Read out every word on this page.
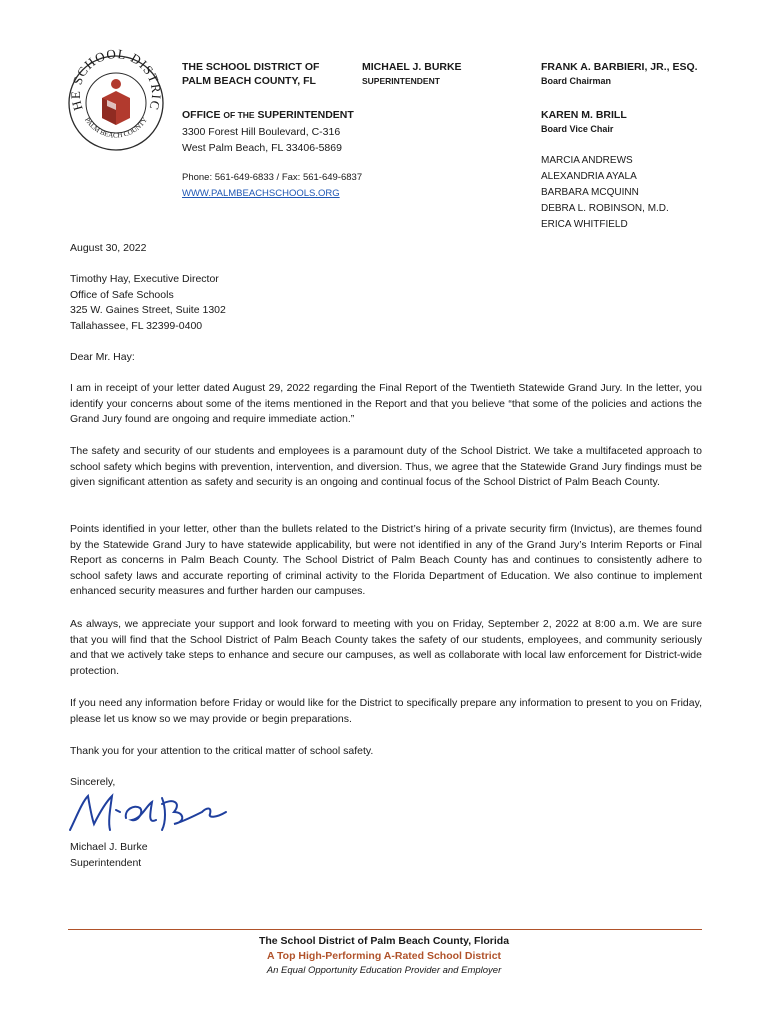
HE SCHOOL DISTRIC
PALM BEACH COUNTY
THE SCHOOL DISTRICT OF
PALM BEACH COUNTY, FL
OFFICE OF THE SUPERINTENDENT
3300 Forest Hill Boulevard, C-316
West Palm Beach, FL 33406-5869
Phone: 561-649-6833 / Fax: 561-649-6837
WWW.PALMBEACHSCHOOLS.ORG
MICHAEL J. BURKE
SUPERINTENDENT
FRANK A. BARBIERI, JR., ESQ.
Board Chairman
KAREN M. BRILL
Board Vice Chair
MARCIA ANDREWS
ALEXANDRIA AYALA
BARBARA MCQUINN
DEBRA L. ROBINSON, M.D.
ERICA WHITFIELD
August 30, 2022
Timothy Hay, Executive Director
Office of Safe Schools
325 W. Gaines Street, Suite 1302
Tallahassee, FL 32399-0400
Dear Mr. Hay:
I am in receipt of your letter dated August 29, 2022 regarding the Final Report of the Twentieth Statewide Grand Jury. In the letter, you identify your concerns about some of the items mentioned in the Report and that you believe “that some of the policies and actions the Grand Jury found are ongoing and require immediate action.”
The safety and security of our students and employees is a paramount duty of the School District. We take a multifaceted approach to school safety which begins with prevention, intervention, and diversion. Thus, we agree that the Statewide Grand Jury findings must be given significant attention as safety and security is an ongoing and continual focus of the School District of Palm Beach County.
Points identified in your letter, other than the bullets related to the District’s hiring of a private security firm (Invictus), are themes found by the Statewide Grand Jury to have statewide applicability, but were not identified in any of the Grand Jury’s Interim Reports or Final Report as concerns in Palm Beach County. The School District of Palm Beach County has and continues to consistently adhere to school safety laws and accurate reporting of criminal activity to the Florida Department of Education. We also continue to implement enhanced security measures and further harden our campuses.
As always, we appreciate your support and look forward to meeting with you on Friday, September 2, 2022 at 8:00 a.m. We are sure that you will find that the School District of Palm Beach County takes the safety of our students, employees, and community seriously and that we actively take steps to enhance and secure our campuses, as well as collaborate with local law enforcement for District-wide protection.
If you need any information before Friday or would like for the District to specifically prepare any information to present to you on Friday, please let us know so we may provide or begin preparations.
Thank you for your attention to the critical matter of school safety.
Sincerely,
Michael J. Burke
Superintendent
The School District of Palm Beach County, Florida
A Top High-Performing A-Rated School District
An Equal Opportunity Education Provider and Employer
